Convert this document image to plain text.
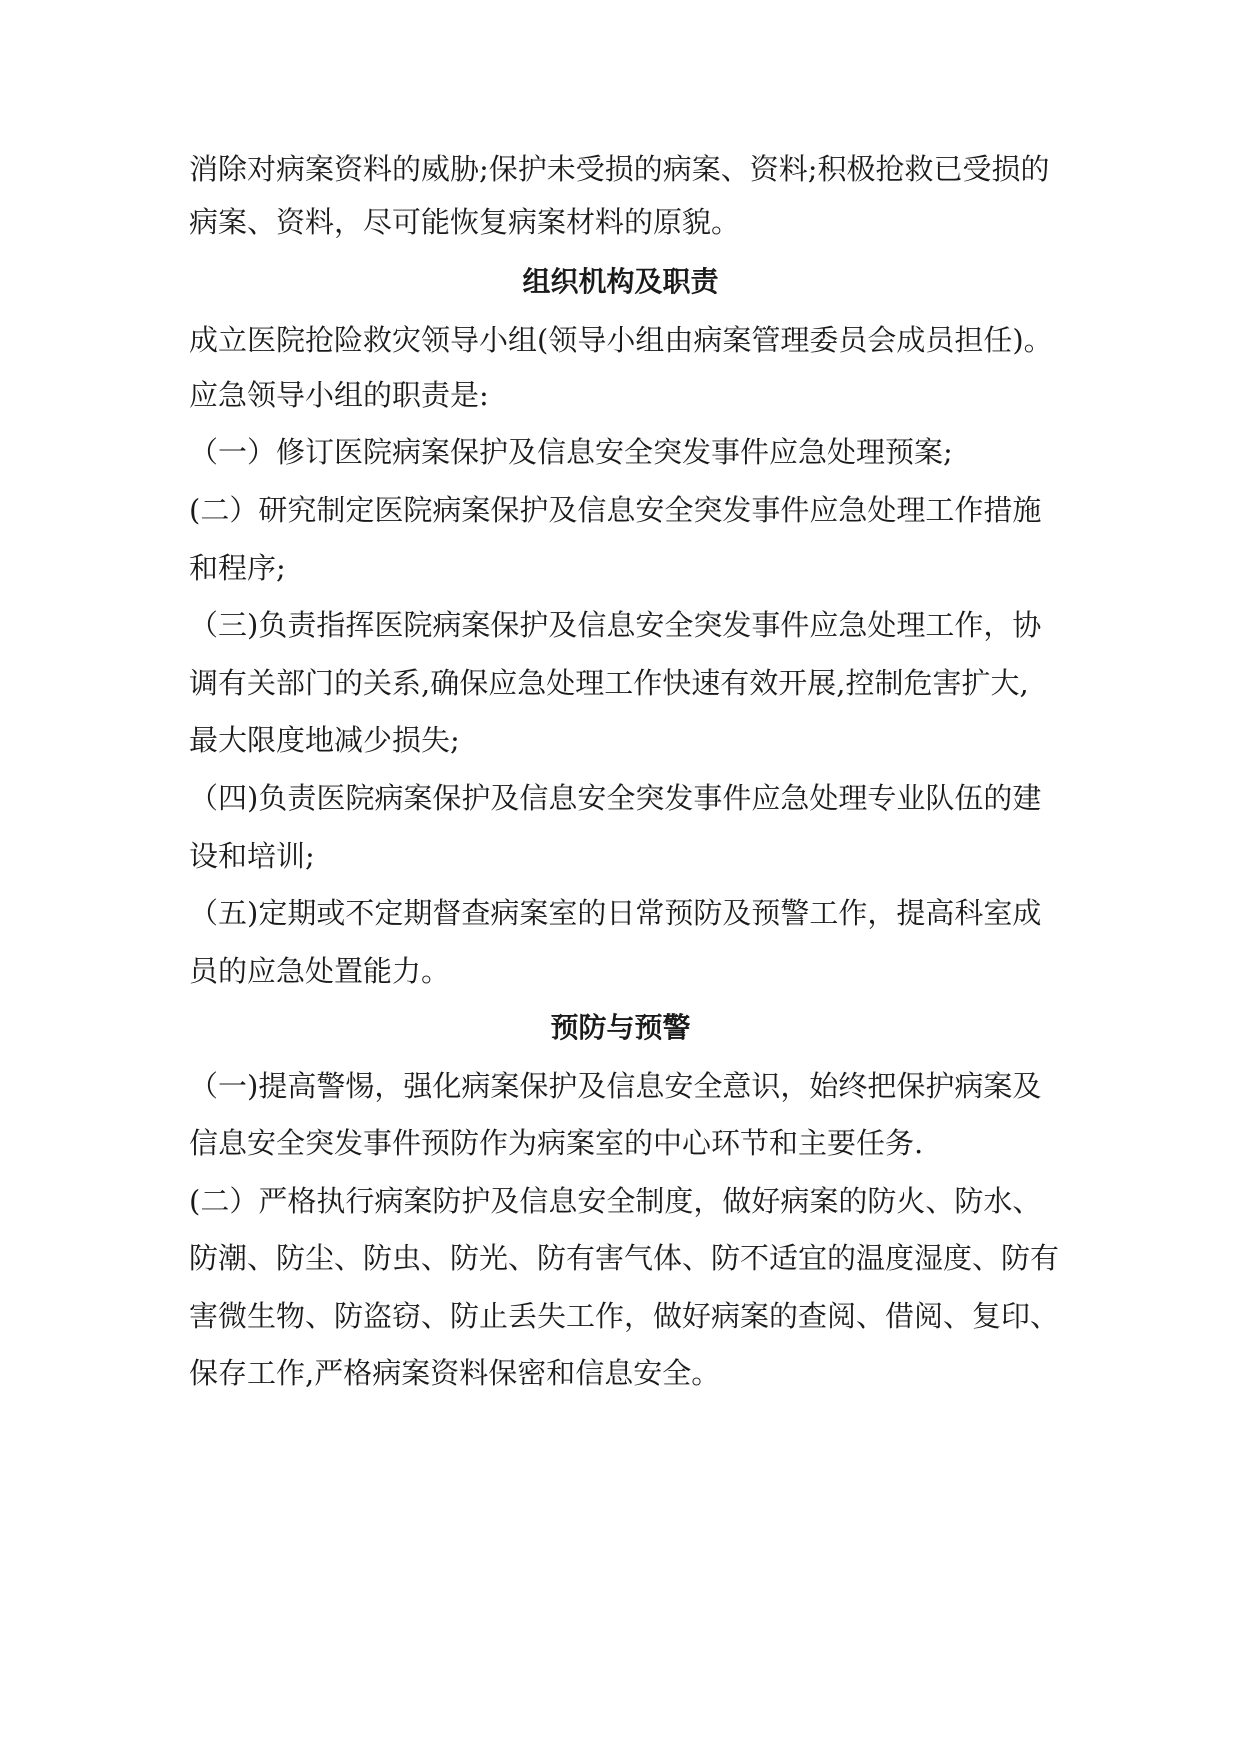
消除对病案资料的威胁;保护未受损的病案、资料;积极抢救已受损的

病案、资料，尽可能恢复病案材料的原貌。

组织机构及职责

成立医院抢险救灾领导小组(领导小组由病案管理委员会成员担任)。

应急领导小组的职责是:

（一）修订医院病案保护及信息安全突发事件应急处理预案;

(二）研究制定医院病案保护及信息安全突发事件应急处理工作措施

和程序;

（三)负责指挥医院病案保护及信息安全突发事件应急处理工作，协

调有关部门的关系,确保应急处理工作快速有效开展,控制危害扩大,

最大限度地减少损失;

（四)负责医院病案保护及信息安全突发事件应急处理专业队伍的建

设和培训;

（五)定期或不定期督查病案室的日常预防及预警工作，提高科室成

员的应急处置能力。

预防与预警

（一)提高警惕，强化病案保护及信息安全意识，始终把保护病案及

信息安全突发事件预防作为病案室的中心环节和主要任务.

(二）严格执行病案防护及信息安全制度，做好病案的防火、防水、

防潮、防尘、防虫、防光、防有害气体、防不适宜的温度湿度、防有

害微生物、防盗窃、防止丢失工作，做好病案的查阅、借阅、复印、

保存工作,严格病案资料保密和信息安全。
